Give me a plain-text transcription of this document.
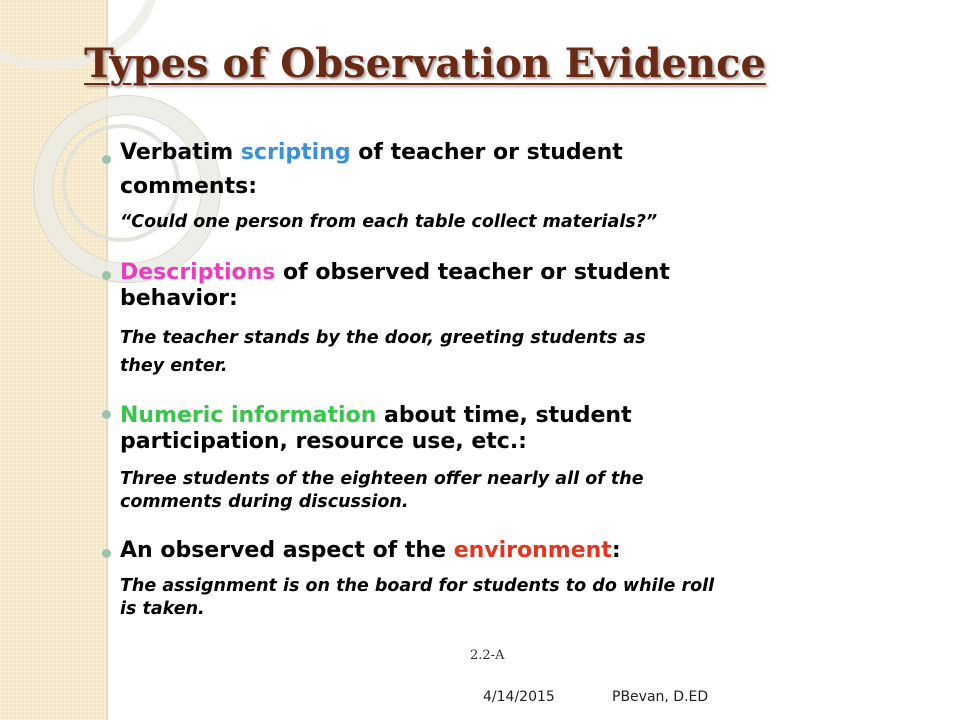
Types of Observation Evidence

Verbatim scripting of teacher or student

comments:

“Could one person from each table collect materials?”

Descriptions of observed teacher or student

behavior:

The teacher stands by the door, greeting students as

they enter.

Numeric information about time, student

participation, resource use, etc.:

Three students of the eighteen offer nearly all of the

comments during discussion.

An observed aspect of the environment:

The assignment is on the board for students to do while roll

is taken.

2.2-A
4/14/2015	PBevan, D.ED
